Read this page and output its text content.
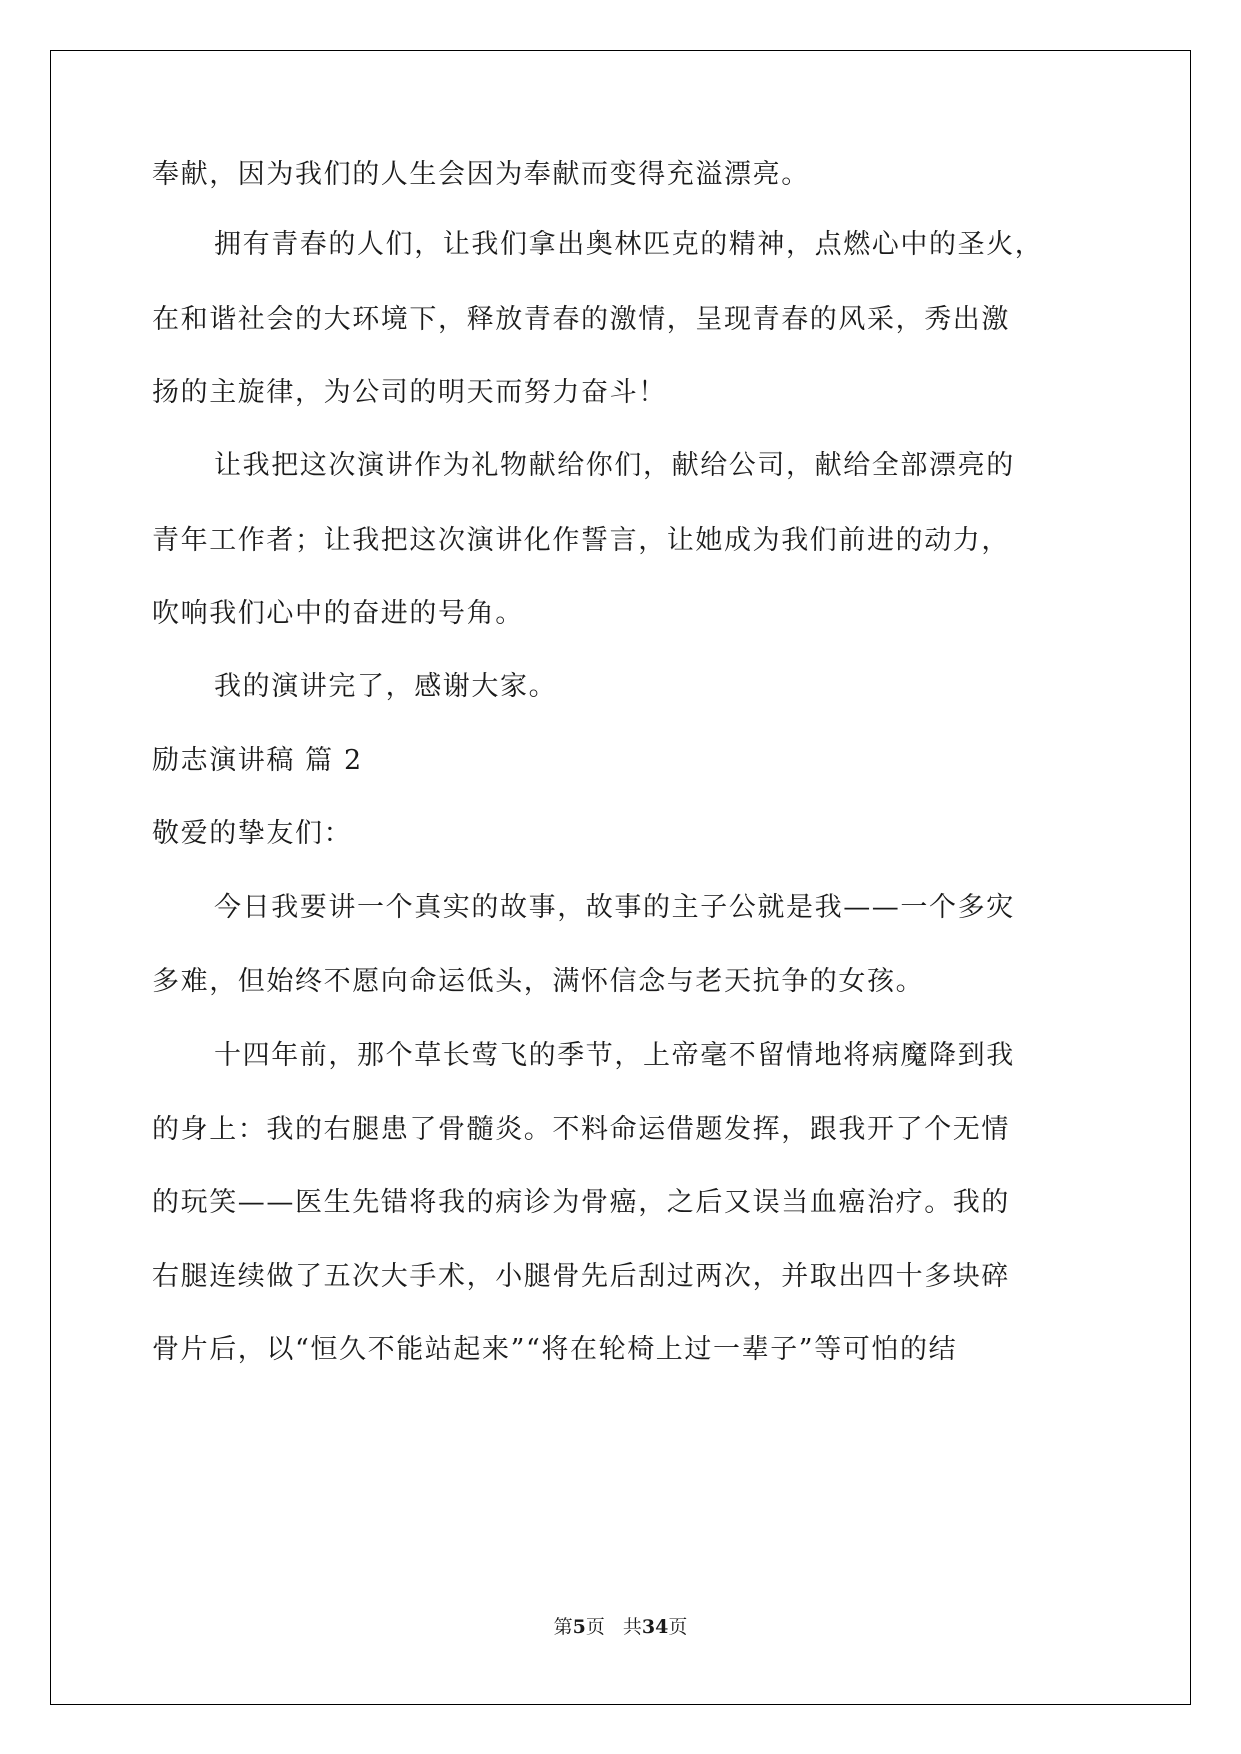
奉献，因为我们的人生会因为奉献而变得充溢漂亮。
拥有青春的人们，让我们拿出奥林匹克的精神，点燃心中的圣火，
在和谐社会的大环境下，释放青春的激情，呈现青春的风采，秀出激
扬的主旋律，为公司的明天而努力奋斗！
让我把这次演讲作为礼物献给你们，献给公司，献给全部漂亮的
青年工作者；让我把这次演讲化作誓言，让她成为我们前进的动力，
吹响我们心中的奋进的号角。
我的演讲完了，感谢大家。
励志演讲稿 篇 2
敬爱的挚友们：
今日我要讲一个真实的故事，故事的主子公就是我——一个多灾
多难，但始终不愿向命运低头，满怀信念与老天抗争的女孩。
十四年前，那个草长莺飞的季节，上帝毫不留情地将病魔降到我
的身上：我的右腿患了骨髓炎。不料命运借题发挥，跟我开了个无情
的玩笑——医生先错将我的病诊为骨癌，之后又误当血癌治疗。我的
右腿连续做了五次大手术，小腿骨先后刮过两次，并取出四十多块碎
骨片后，以“恒久不能站起来”“将在轮椅上过一辈子”等可怕的结
第5页 共34页
